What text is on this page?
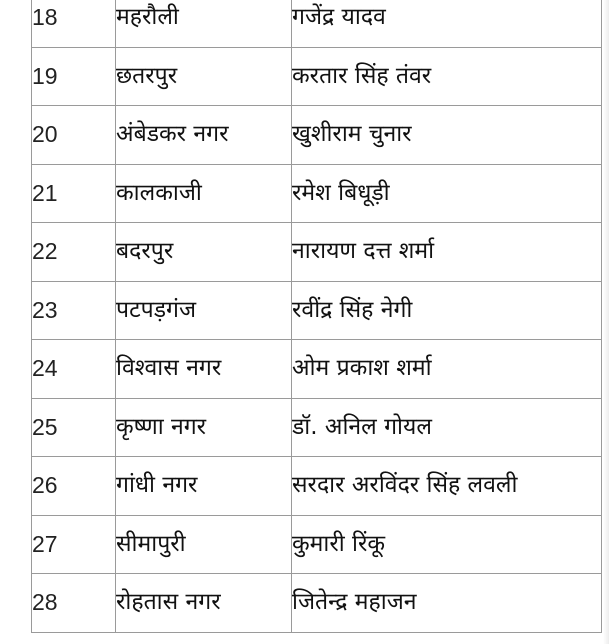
18	महरौली	गजेंद्र यादव
19	छतरपुर	करतार सिंह तंवर
20	अंबेडकर नगर	खुशीराम चुनार
21	कालकाजी	रमेश बिधूड़ी
22	बदरपुर	नारायण दत्त शर्मा
23	पटपड़गंज	रवींद्र सिंह नेगी
24	विश्वास नगर	ओम प्रकाश शर्मा
25	कृष्णा नगर	डॉ. अनिल गोयल
26	गांधी नगर	सरदार अरविंदर सिंह लवली
27	सीमापुरी	कुमारी रिंकू
28	रोहतास नगर	जितेन्द्र महाजन
